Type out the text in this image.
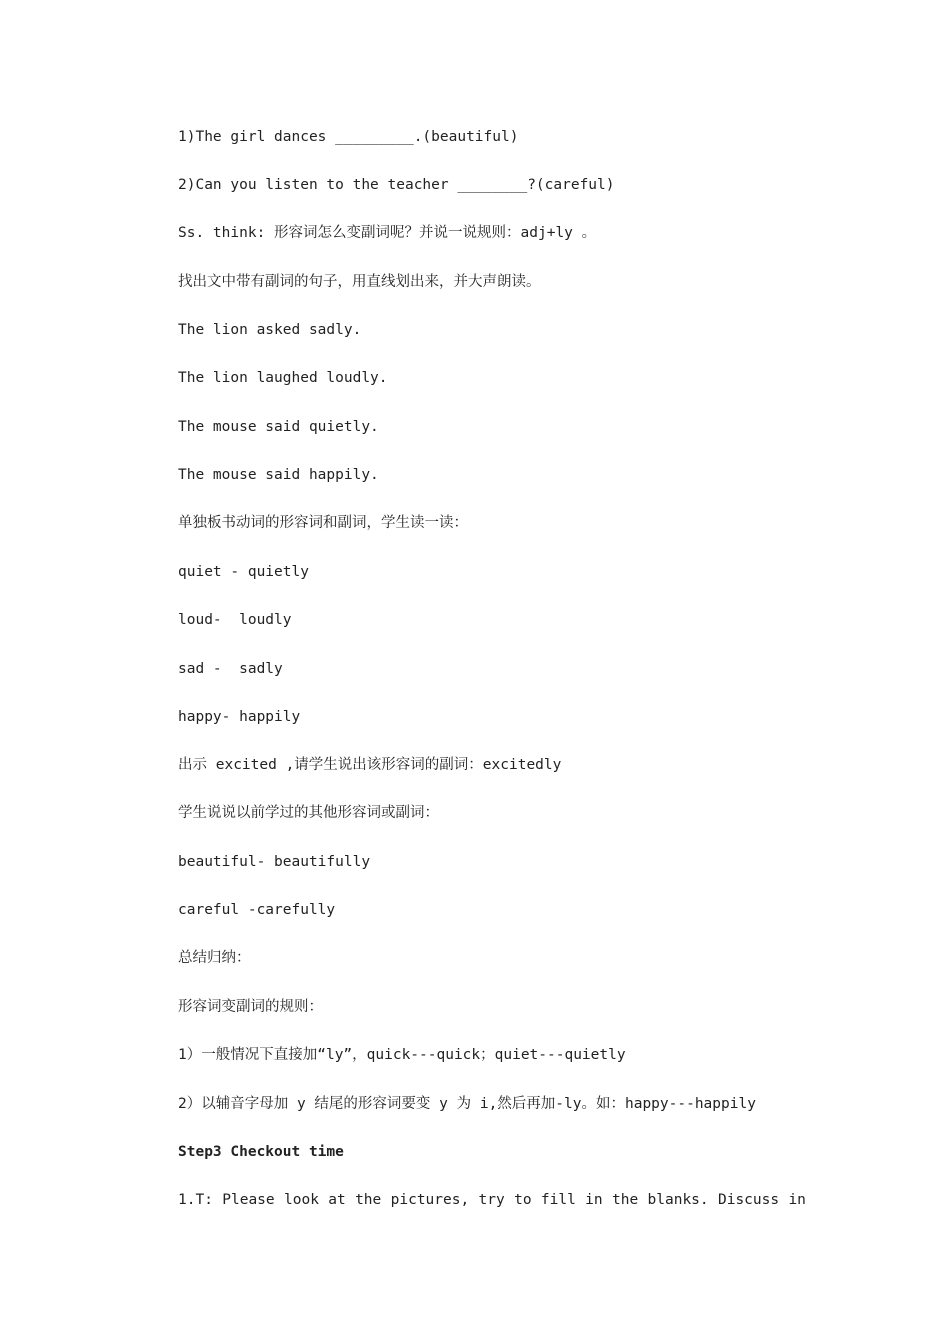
1)The girl dances _________.(beautiful)
2)Can you listen to the teacher ________?(careful)
Ss. think: 形容词怎么变副词呢？并说一说规则：adj+ly 。
找出文中带有副词的句子，用直线划出来，并大声朗读。
The lion asked sadly.
The lion laughed loudly.
The mouse said quietly.
The mouse said happily.
单独板书动词的形容词和副词，学生读一读：
quiet - quietly
loud-  loudly
sad -  sadly
happy- happily
出示 excited ,请学生说出该形容词的副词：excitedly
学生说说以前学过的其他形容词或副词：
beautiful- beautifully
careful -carefully
总结归纳：
形容词变副词的规则：
1）一般情况下直接加“ly”，quick---quick；quiet---quietly
2）以辅音字母加 y 结尾的形容词要变 y 为 i,然后再加-ly。如：happy---happily
Step3 Checkout time
1.T: Please look at the pictures, try to fill in the blanks. Discuss in
